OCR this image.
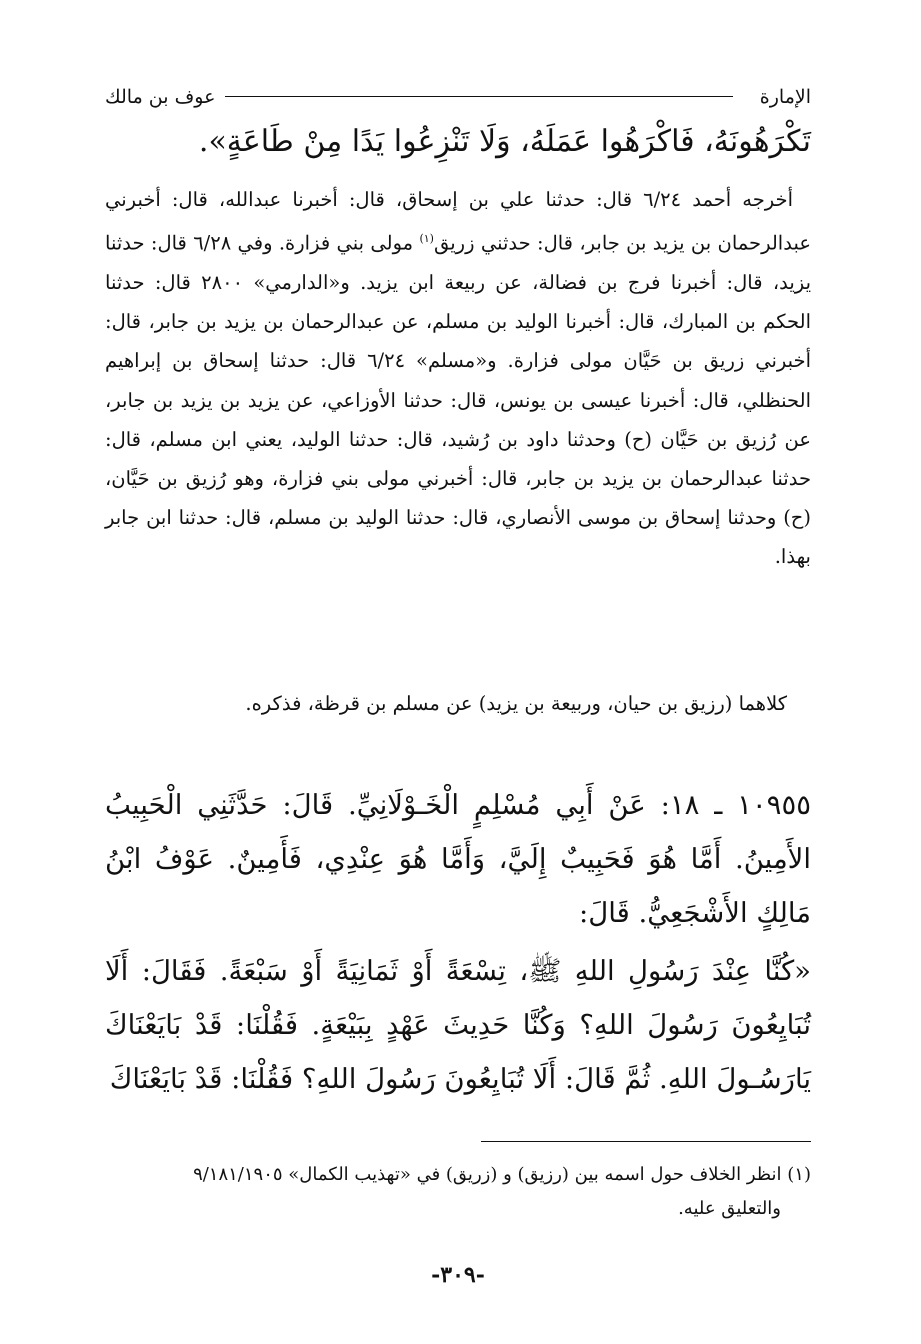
الإمارة
عوف بن مالك
تَكْرَهُونَهُ، فَاكْرَهُوا عَمَلَهُ، وَلَا تَنْزِعُوا يَدًا مِنْ طَاعَةٍ».

أخرجه أحمد ٦/٢٤ قال: حدثنا علي بن إسحاق، قال: أخبرنا عبدالله، قال: أخبرني عبدالرحمان بن يزيد بن جابر، قال: حدثني زريق$^{(١)}$ مولى بني فزارة. وفي ٦/٢٨ قال: حدثنا يزيد، قال: أخبرنا فرج بن فضالة، عن ربيعة ابن يزيد. و«الدارمي» ٢٨٠٠ قال: حدثنا الحكم بن المبارك، قال: أخبرنا الوليد بن مسلم، عن عبدالرحمان بن يزيد بن جابر، قال: أخبرني زريق بن حَيَّان مولى فزارة. و«مسلم» ٦/٢٤ قال: حدثنا إسحاق بن إبراهيم الحنظلي، قال: أخبرنا عيسى بن يونس، قال: حدثنا الأوزاعي، عن يزيد بن يزيد بن جابر، عن رُزيق بن حَيَّان (ح) وحدثنا داود بن رُشيد، قال: حدثنا الوليد، يعني ابن مسلم، قال: حدثنا عبدالرحمان بن يزيد بن جابر، قال: أخبرني مولى بني فزارة، وهو رُزيق بن حَيَّان، (ح) وحدثنا إسحاق بن موسى الأنصاري، قال: حدثنا الوليد بن مسلم، قال: حدثنا ابن جابر بهذا.

كلاهما (رزيق بن حيان، وربيعة بن يزيد) عن مسلم بن قرظة، فذكره.

١٠٩٥٥ ـ ١٨: عَنْ أَبِي مُسْلِمٍ الْخَـوْلَانِيِّ. قَالَ: حَدَّثَنِي الْحَبِيبُ الأَمِينُ. أَمَّا هُوَ فَحَبِيبٌ إِلَيَّ، وَأَمَّا هُوَ عِنْدِي، فَأَمِينٌ. عَوْفُ ابْنُ مَالِكٍ الأَشْجَعِيُّ. قَالَ:

«كُنَّا عِنْدَ رَسُولِ اللهِ ﷺ، تِسْعَةً أَوْ ثَمَانِيَةً أَوْ سَبْعَةً. فَقَالَ: أَلَا تُبَايِعُونَ رَسُولَ اللهِ؟ وَكُنَّا حَدِيثَ عَهْدٍ بِبَيْعَةٍ. فَقُلْنَا: قَدْ بَايَعْنَاكَ يَارَسُـولَ اللهِ. ثُمَّ قَالَ: أَلَا تُبَايِعُونَ رَسُولَ اللهِ؟ فَقُلْنَا: قَدْ بَايَعْنَاكَ

(١) انظر الخلاف حول اسمه بين (رزيق) و (زريق) في «تهذيب الكمال» ٩/١٨١/١٩٠٥
والتعليق عليه.
-٣٠٩-
